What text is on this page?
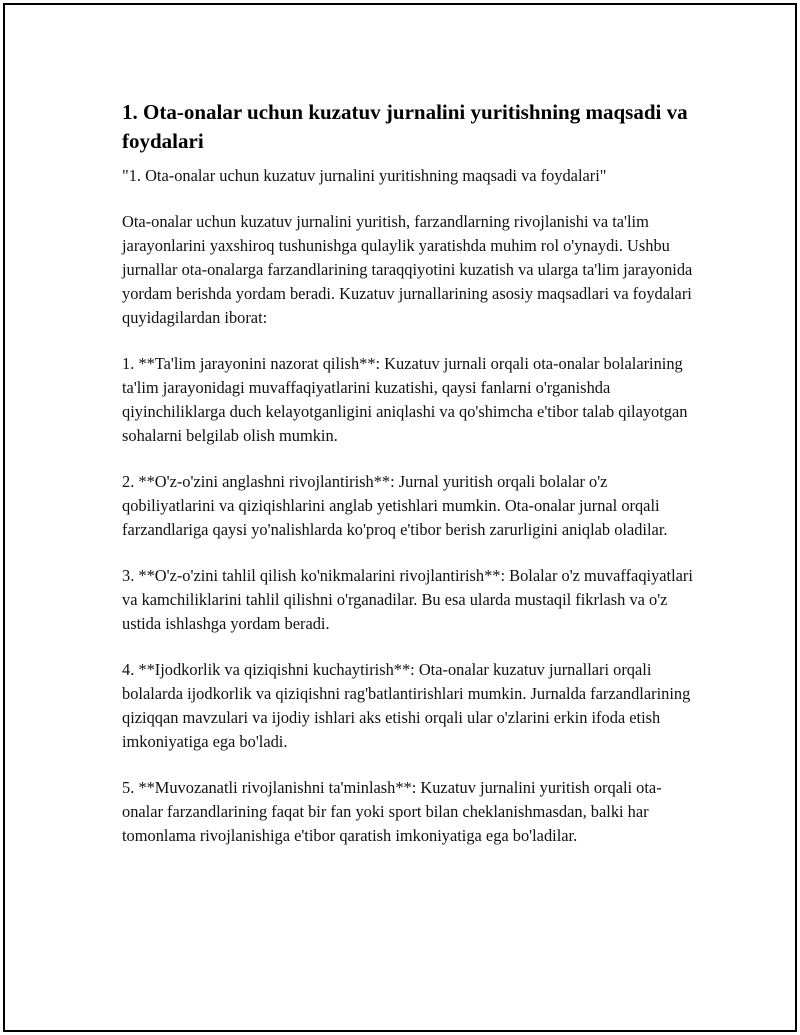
1. Ota-onalar uchun kuzatuv jurnalini yuritishning maqsadi va foydalari

"1. Ota-onalar uchun kuzatuv jurnalini yuritishning maqsadi va foydalari"

Ota-onalar uchun kuzatuv jurnalini yuritish, farzandlarning rivojlanishi va ta'lim jarayonlarini yaxshiroq tushunishga qulaylik yaratishda muhim rol o'ynaydi. Ushbu jurnallar ota-onalarga farzandlarining taraqqiyotini kuzatish va ularga ta'lim jarayonida yordam berishda yordam beradi. Kuzatuv jurnallarining asosiy maqsadlari va foydalari quyidagilardan iborat:

1. **Ta'lim jarayonini nazorat qilish**: Kuzatuv jurnali orqali ota-onalar bolalarining ta'lim jarayonidagi muvaffaqiyatlarini kuzatishi, qaysi fanlarni o'rganishda qiyinchiliklarga duch kelayotganligini aniqlashi va qo'shimcha e'tibor talab qilayotgan sohalarni belgilab olish mumkin.

2. **O'z-o'zini anglashni rivojlantirish**: Jurnal yuritish orqali bolalar o'z qobiliyatlarini va qiziqishlarini anglab yetishlari mumkin. Ota-onalar jurnal orqali farzandlariga qaysi yo'nalishlarda ko'proq e'tibor berish zarurligini aniqlab oladilar.

3. **O'z-o'zini tahlil qilish ko'nikmalarini rivojlantirish**: Bolalar o'z muvaffaqiyatlari va kamchiliklarini tahlil qilishni o'rganadilar. Bu esa ularda mustaqil fikrlash va o'z ustida ishlashga yordam beradi.

4. **Ijodkorlik va qiziqishni kuchaytirish**: Ota-onalar kuzatuv jurnallari orqali bolalarda ijodkorlik va qiziqishni rag'batlantirishlari mumkin. Jurnalda farzandlarining qiziqqan mavzulari va ijodiy ishlari aks etishi orqali ular o'zlarini erkin ifoda etish imkoniyatiga ega bo'ladi.

5. **Muvozanatli rivojlanishni ta'minlash**: Kuzatuv jurnalini yuritish orqali ota-onalar farzandlarining faqat bir fan yoki sport bilan cheklanishmasdan, balki har tomonlama rivojlanishiga e'tibor qaratish imkoniyatiga ega bo'ladilar.
